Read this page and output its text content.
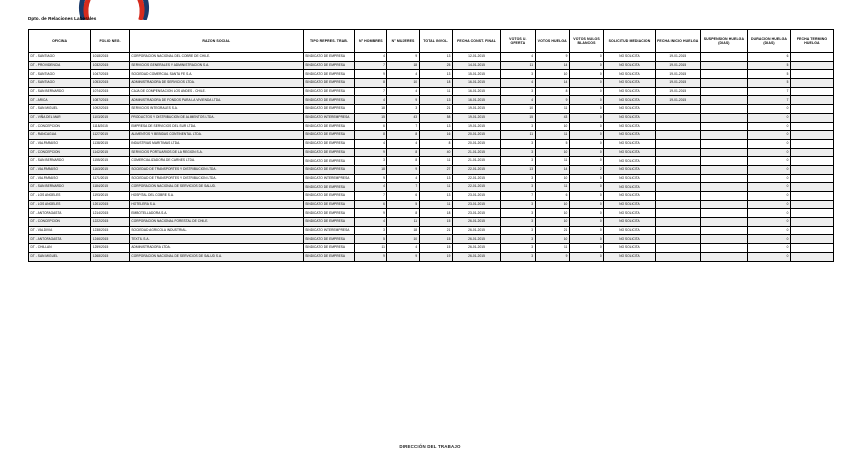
Dpto. de Relaciones Laborales
OFICINA	FOLIO NEG.	RAZON SOCIAL	TIPO REPRES. TRAB.	N° HOMBRES	N° MUJERES	TOTAL INVOL.	FECHA CONST. FINAL	VOTOS U. OFERTA	VOTOS HUELGA	VOTOS NULOS BLANCOS	SOLICITUD MEDIACION	FECHA INICIO HUELGA	SUSPENSION HUELGA (DIAS)	DURACION HUELGA (DIAS)	FECHA TERMINO HUELGA
DT - SANTIAGO	1018/2015	CORPORACION NACIONAL DEL COBRE DE CHILE.	SINDICATO DE EMPRESA	4	9	13	12-01-2015	4	9	0	NO SOLICITA	19-01-2015		6	
DT - PROVIDENCIA	1032/2015	SERVICIOS GENERALES Y ADMINISTRACION S.A.	SINDICATO DE EMPRESA	7	18	25	14-01-2015	11	14	0	NO SOLICITA	19-01-2015		5	
DT - SANTIAGO	1047/2015	SOCIEDAD COMERCIAL SANTA FE S.A.	SINDICATO DE EMPRESA	9	4	13	15-01-2015	3	10	0	NO SOLICITA	19-01-2015		5	
DT - SANTIAGO	1053/2015	ADMINISTRADORA DE SERVICIOS LTDA.	SINDICATO DE EMPRESA	8	10	18	16-01-2015	4	14	0	NO SOLICITA	19-01-2015		5	
DT - SAN BERNARDO	1074/2015	CAJA DE COMPENSACION LOS ANDES - CHILE.	SINDICATO DE EMPRESA	7	4	11	16-01-2015	3	8	0	NO SOLICITA	19-01-2015		7	
DT - ARICA	1087/2015	ADMINISTRADORA DE FONDOS PARA LA VIVIENDA LTDA.	SINDICATO DE EMPRESA	4	9	13	16-01-2015	4	9	0	NO SOLICITA	19-01-2015		7	
DT - SAN MIGUEL	1092/2015	SERVICIOS INTEGRALES S.A.	SINDICATO DE EMPRESA	18	3	21	19-01-2015	10	11	0	NO SOLICITA			0	
DT - VIÑA DEL MAR	1103/2015	PRODUCTOS Y DISTRIBUCION DE ALIMENTOS LTDA.	SINDICATO INTEREMPRESA	15	43	58	19-01-2015	15	43	0	NO SOLICITA			0	
DT - CONCEPCION	1118/2015	EMPRESA DE SERVICIOS DEL SUR LTDA.	SINDICATO DE EMPRESA	6	7	13	19-01-2015	3	10	0	NO SOLICITA			0	
DT - RANCAGUA	1127/2015	ALIMENTOS Y BEBIDAS CONTINENTAL LTDA.	SINDICATO DE EMPRESA	8	8	16	20-01-2015	11	11	0	NO SOLICITA			0	
DT - VALPARAISO	1138/2015	INDUSTRIAS MARITIMAS LTDA.	SINDICATO DE EMPRESA	4	4	8	20-01-2015	3	5	0	NO SOLICITA			0	
DT - CONCEPCION	1142/2015	SERVICIOS PORTUARIOS DE LA REGION S.A.	SINDICATO DE EMPRESA	9	8	40	21-01-2015	3	10	0	NO SOLICITA			0	
DT - SAN BERNARDO	1155/2015	COMERCIALIZADORA DE CARNES LTDA.	SINDICATO DE EMPRESA	3	8	11	21-01-2015	3	11	0	NO SOLICITA			0	
DT - VALPARAISO	1163/2015	SOCIEDAD DE TRANSPORTES Y DISTRIBUCION LTDA.	SINDICATO DE EMPRESA	18	9	27	22-01-2015	13	14	2	NO SOLICITA			0	
DT - VALPARAISO	1171/2015	SOCIEDAD DE TRANSPORTES Y DISTRIBUCION LTDA.	SINDICATO INTEREMPRESA	9	4	13	22-01-2015	3	10	0	NO SOLICITA			0	
DT - SAN BERNARDO	1184/2015	CORPORACION NACIONAL DE SERVICIOS DE SALUD.	SINDICATO DE EMPRESA	4	7	11	22-01-2015	3	11	0	NO SOLICITA			0	
DT - LOS ANGELES	1193/2015	HOSPITAL DEL COBRE S.A.	SINDICATO DE EMPRESA	7	6	13	23-01-2015	7	6	0	NO SOLICITA			0	
DT - LOS ANGELES	1201/2015	HOTELERA S.A.	SINDICATO DE EMPRESA	6	5	11	23-01-2015	3	10	0	NO SOLICITA			0	
DT - ANTOFAGASTA	1214/2015	EMBOTELLADORA S.A.	SINDICATO DE EMPRESA	9	8	18	23-01-2015	3	10	0	NO SOLICITA			0	
DT - CONCEPCION	1222/2015	CORPORACION NACIONAL FORESTAL DE CHILE.	SINDICATO DE EMPRESA	4	11	15	26-01-2015	3	10	0	NO SOLICITA			0	
DT - VALDIVIA	1238/2015	SOCIEDAD AGRICOLA INDUSTRIAL.	SINDICATO INTEREMPRESA	3	18	21	26-01-2015	3	21	0	NO SOLICITA			0	
DT - ANTOFAGASTA	1246/2015	TEXTIL S.A.	SINDICATO DE EMPRESA	5	10	15	26-01-2015	3	10	0	NO SOLICITA			0	
DT - CHILLAN	1259/2015	ADMINISTRADORA LTDA.	SINDICATO DE EMPRESA	11	4	15	26-01-2015	3	11	0	NO SOLICITA			0	
DT - SAN MIGUEL	1268/2015	CORPORACION NACIONAL DE SERVICIOS DE SALUD S.A.	SINDICATO DE EMPRESA	9	9	19	26-01-2015	3	9	0	NO SOLICITA			0	
DIRECCIÓN DEL TRABAJO
